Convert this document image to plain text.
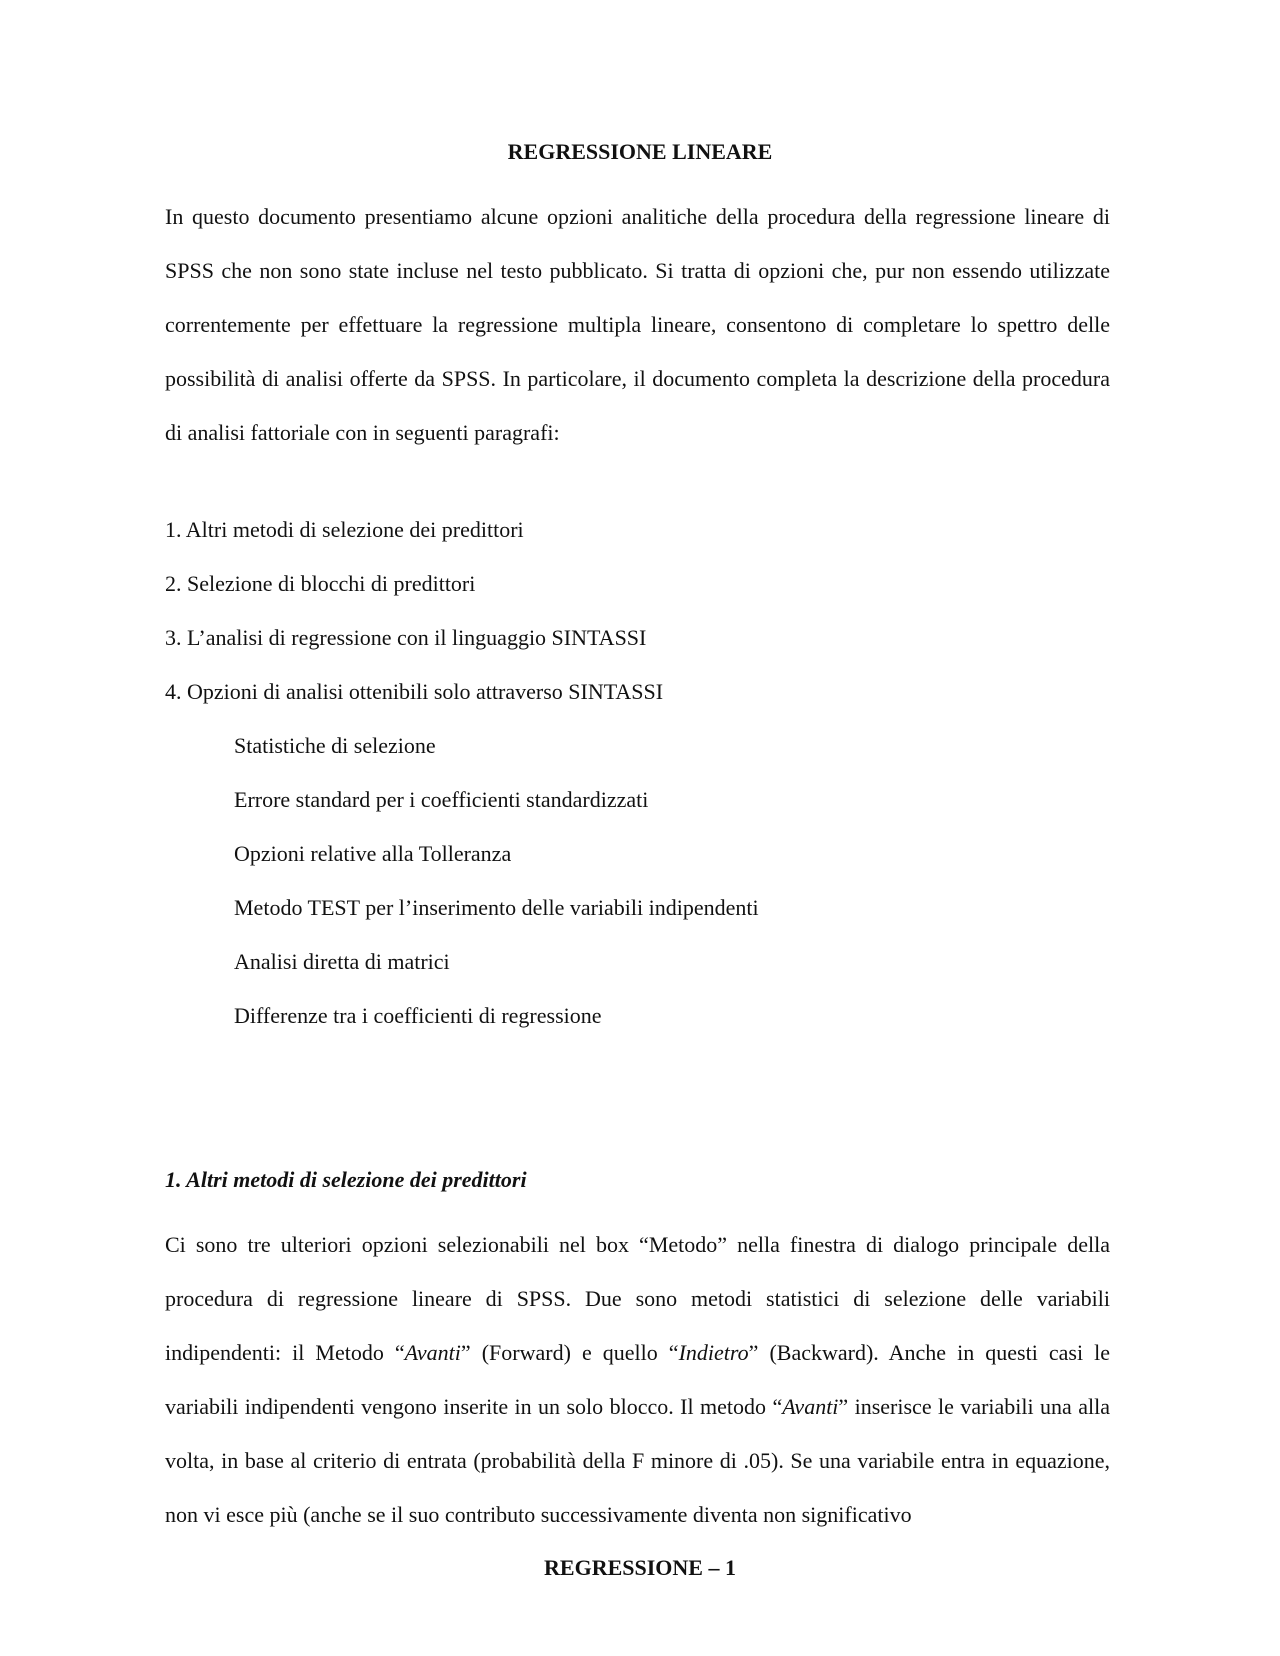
REGRESSIONE LINEARE

In questo documento presentiamo alcune opzioni analitiche della procedura della regressione lineare di SPSS che non sono state incluse nel testo pubblicato. Si tratta di opzioni che, pur non essendo utilizzate correntemente per effettuare la regressione multipla lineare, consentono di completare lo spettro delle possibilità di analisi offerte da SPSS. In particolare, il documento completa la descrizione della procedura di analisi fattoriale con in seguenti paragrafi:

1. Altri metodi di selezione dei predittori
2. Selezione di blocchi di predittori
3. L’analisi di regressione con il linguaggio SINTASSI
4. Opzioni di analisi ottenibili solo attraverso SINTASSI
Statistiche di selezione
Errore standard per i coefficienti standardizzati
Opzioni relative alla Tolleranza
Metodo TEST per l’inserimento delle variabili indipendenti
Analisi diretta di matrici
Differenze tra i coefficienti di regressione
1. Altri metodi di selezione dei predittori

Ci sono tre ulteriori opzioni selezionabili nel box “Metodo” nella finestra di dialogo principale della procedura di regressione lineare di SPSS. Due sono metodi statistici di selezione delle variabili indipendenti: il Metodo “Avanti” (Forward) e quello “Indietro” (Backward). Anche in questi casi le variabili indipendenti vengono inserite in un solo blocco. Il metodo “Avanti” inserisce le variabili una alla volta, in base al criterio di entrata (probabilità della F minore di .05). Se una variabile entra in equazione, non vi esce più (anche se il suo contributo successivamente diventa non significativo

REGRESSIONE – 1
